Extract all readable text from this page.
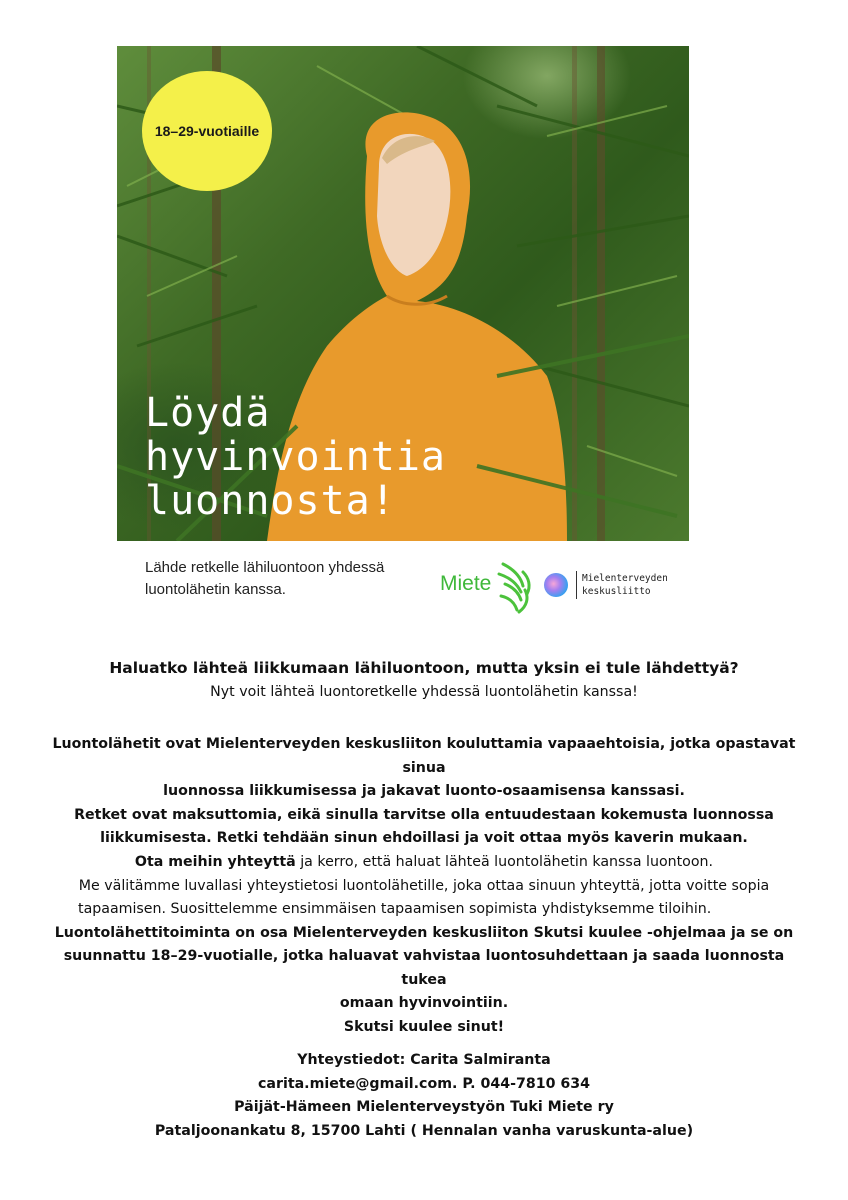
18–29-vuotiaille
Löydä
hyvinvointia
luonnosta!
Lähde retkelle lähiluontoon yhdessä
luontolähetin kanssa.	Miete	Mielenterveyden
keskusliitto

Haluatko lähteä liikkumaan lähiluontoon, mutta yksin ei tule lähdettyä?

Nyt voit lähteä luontoretkelle yhdessä luontolähetin kanssa!

Luontolähetit ovat Mielenterveyden keskusliiton kouluttamia vapaaehtoisia, jotka opastavat sinua

luonnossa liikkumisessa ja jakavat luonto-osaamisensa kanssasi.

Retket ovat maksuttomia, eikä sinulla tarvitse olla entuudestaan kokemusta luonnossa

liikkumisesta. Retki tehdään sinun ehdoillasi ja voit ottaa myös kaverin mukaan.

Ota meihin yhteyttä ja kerro, että haluat lähteä luontolähetin kanssa luontoon.

Me välitämme luvallasi yhteystietosi luontolähetille, joka ottaa sinuun yhteyttä, jotta voitte sopia

tapaamisen. Suosittelemme ensimmäisen tapaamisen sopimista yhdistyksemme tiloihin.

Luontolähettitoiminta on osa Mielenterveyden keskusliiton Skutsi kuulee -ohjelmaa ja se on

suunnattu 18–29-vuotialle, jotka haluavat vahvistaa luontosuhdettaan ja saada luonnosta tukea

omaan hyvinvointiin.

Skutsi kuulee sinut!

Yhteystiedot: Carita Salmiranta

carita.miete@gmail.com. P. 044-7810 634

Päijät-Hämeen Mielenterveystyön Tuki Miete ry

Pataljoonankatu 8, 15700 Lahti ( Hennalan vanha varuskunta-alue)
